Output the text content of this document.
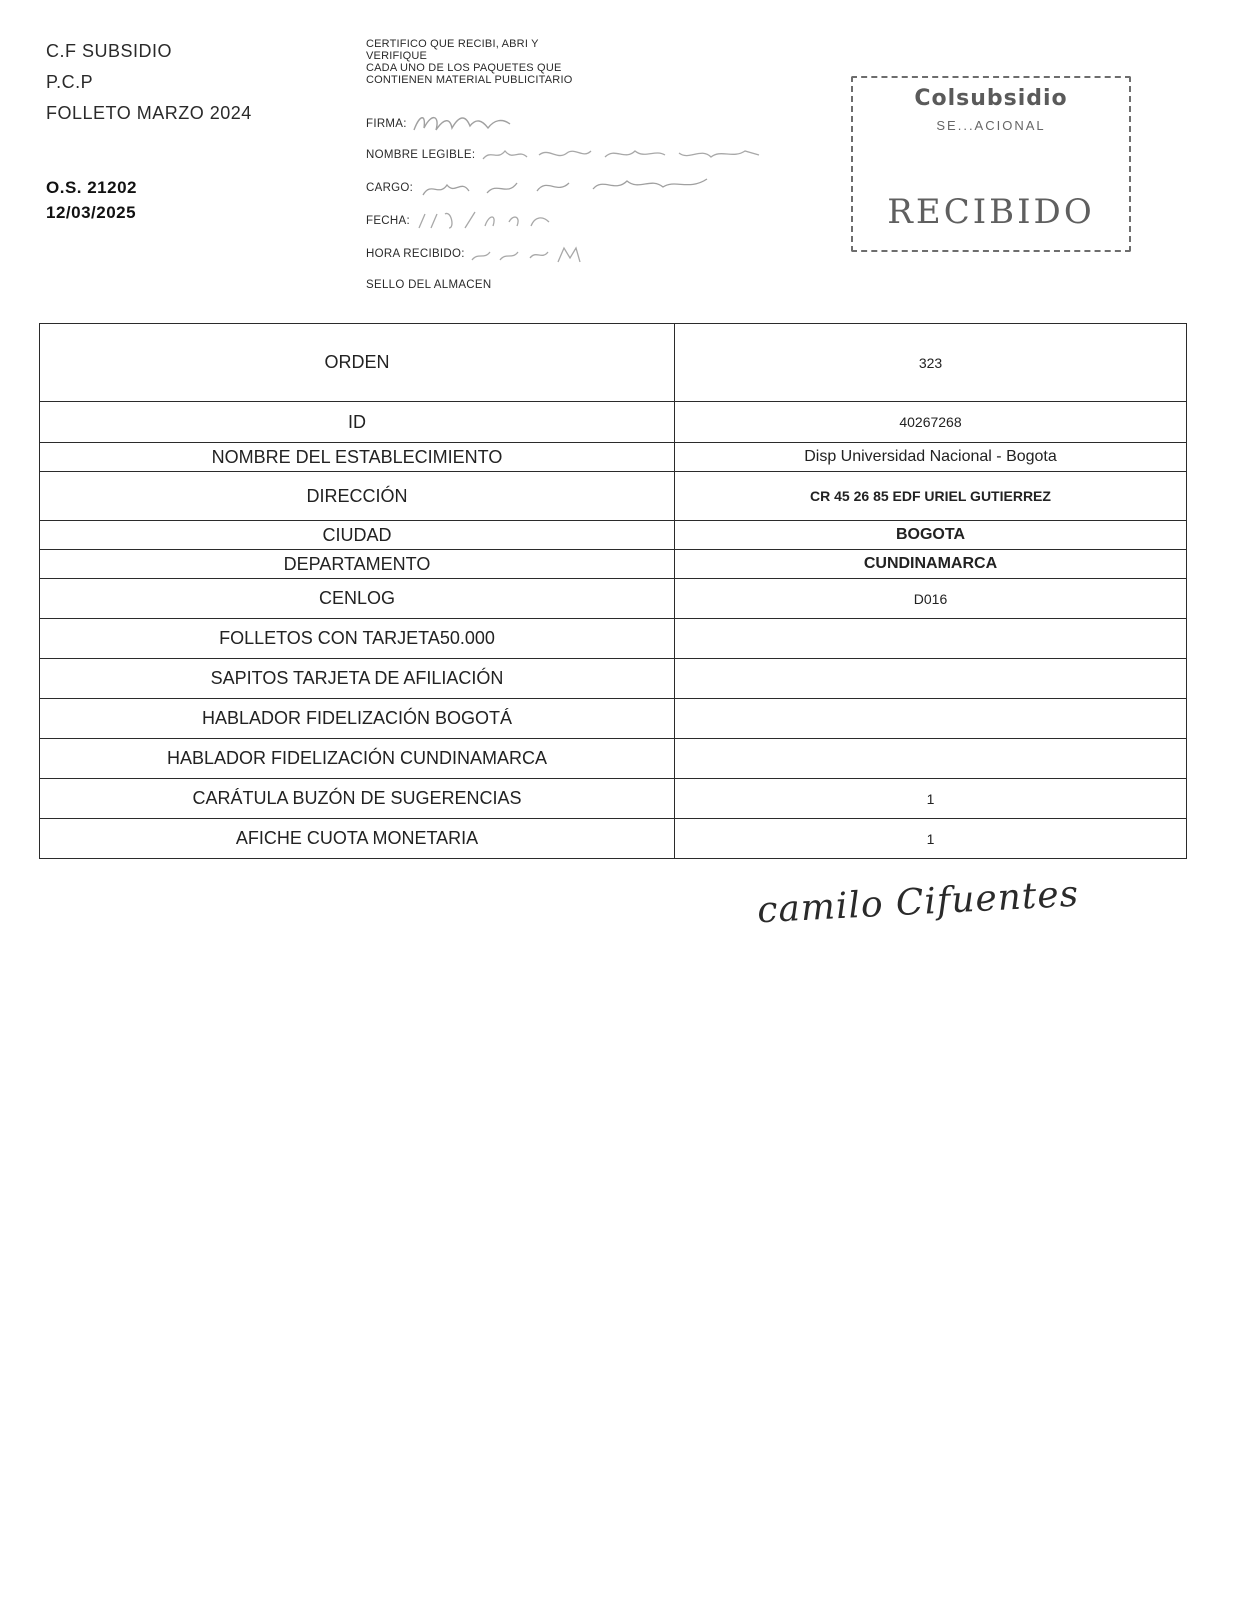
C.F SUBSIDIO
P.C.P
FOLLETO MARZO 2024
O.S. 21202
12/03/2025
CERTIFICO QUE RECIBI, ABRI Y
VERIFIQUE
CADA UNO DE LOS PAQUETES QUE
CONTIENEN MATERIAL PUBLICITARIO
FIRMA:
NOMBRE LEGIBLE:
CARGO:
FECHA:
HORA RECIBIDO:
SELLO DEL ALMACEN
Colsubsidio
SE...ACIONAL
RECIBIDO
ORDEN	323
ID	40267268
NOMBRE DEL ESTABLECIMIENTO	Disp Universidad Nacional - Bogota
DIRECCIÓN	CR 45 26 85 EDF URIEL GUTIERREZ
CIUDAD	BOGOTA
DEPARTAMENTO	CUNDINAMARCA
CENLOG	D016
FOLLETOS CON TARJETA50.000	
SAPITOS TARJETA DE AFILIACIÓN	
HABLADOR FIDELIZACIÓN BOGOTÁ	
HABLADOR FIDELIZACIÓN CUNDINAMARCA	
CARÁTULA BUZÓN DE SUGERENCIAS	1
AFICHE CUOTA MONETARIA	1
camilo Cifuentes
